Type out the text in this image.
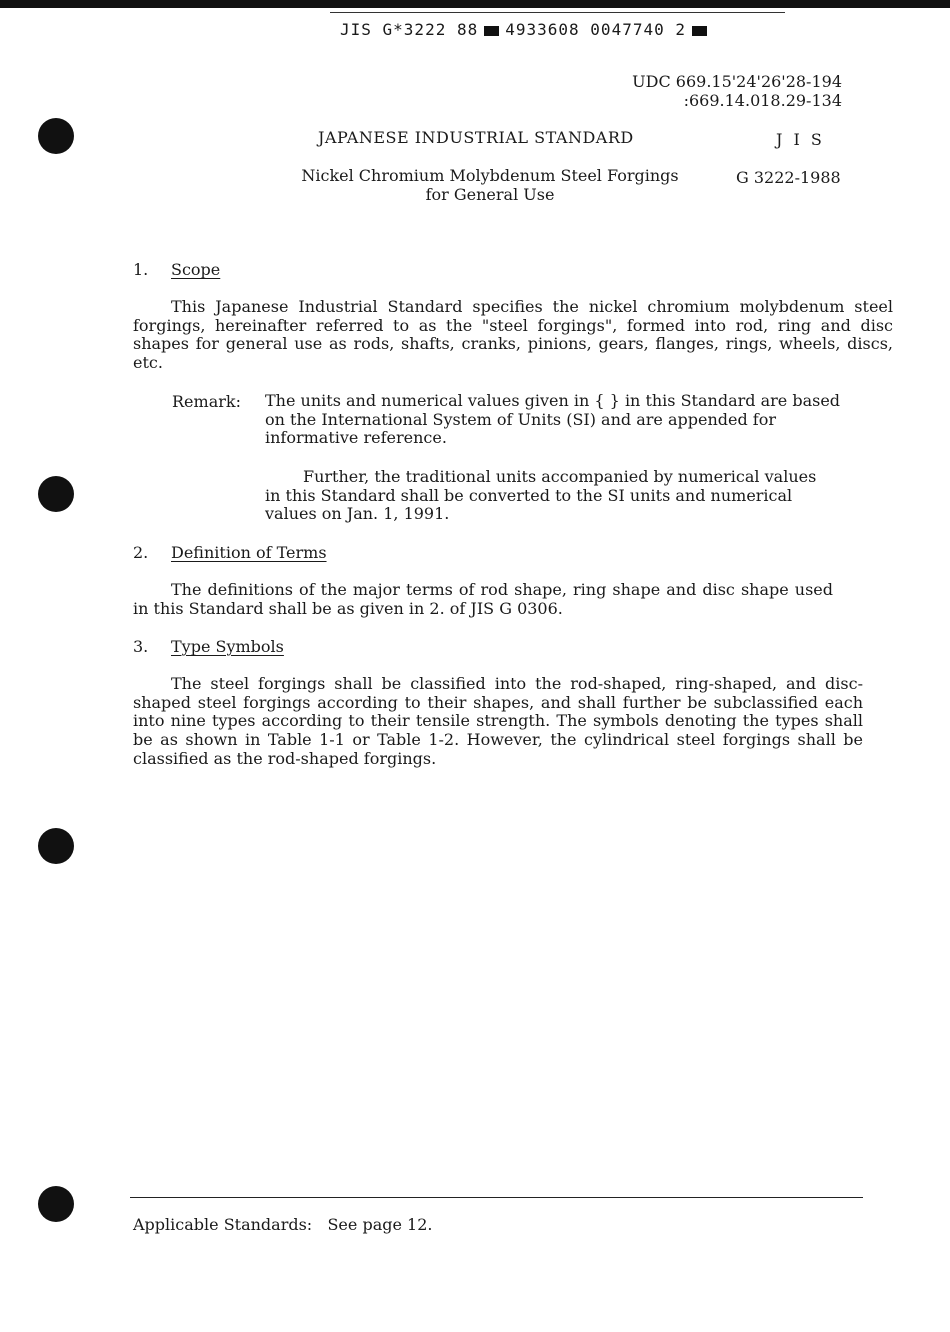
JIS G*3222 88 4933608 0047740 2
UDC 669.15'24'26'28-194
:669.14.018.29-134
JAPANESE INDUSTRIAL STANDARD	J I S
Nickel Chromium Molybdenum Steel Forgings
for General Use
G 3222-1988
1. Scope
This Japanese Industrial Standard specifies the nickel chromium molybdenum steel forgings, hereinafter referred to as the "steel forgings", formed into rod, ring and disc shapes for general use as rods, shafts, cranks, pinions, gears, flanges, rings, wheels, discs, etc.
Remark: The units and numerical values given in { } in this Standard are based on the International System of Units (SI) and are appended for informative reference.
Further, the traditional units accompanied by numerical values in this Standard shall be converted to the SI units and numerical values on Jan. 1, 1991.
2. Definition of Terms
The definitions of the major terms of rod shape, ring shape and disc shape used in this Standard shall be as given in 2. of JIS G 0306.
3. Type Symbols
The steel forgings shall be classified into the rod-shaped, ring-shaped, and disc-shaped steel forgings according to their shapes, and shall further be subclassified each into nine types according to their tensile strength. The symbols denoting the types shall be as shown in Table 1-1 or Table 1-2. However, the cylindrical steel forgings shall be classified as the rod-shaped forgings.
Applicable Standards: See page 12.
